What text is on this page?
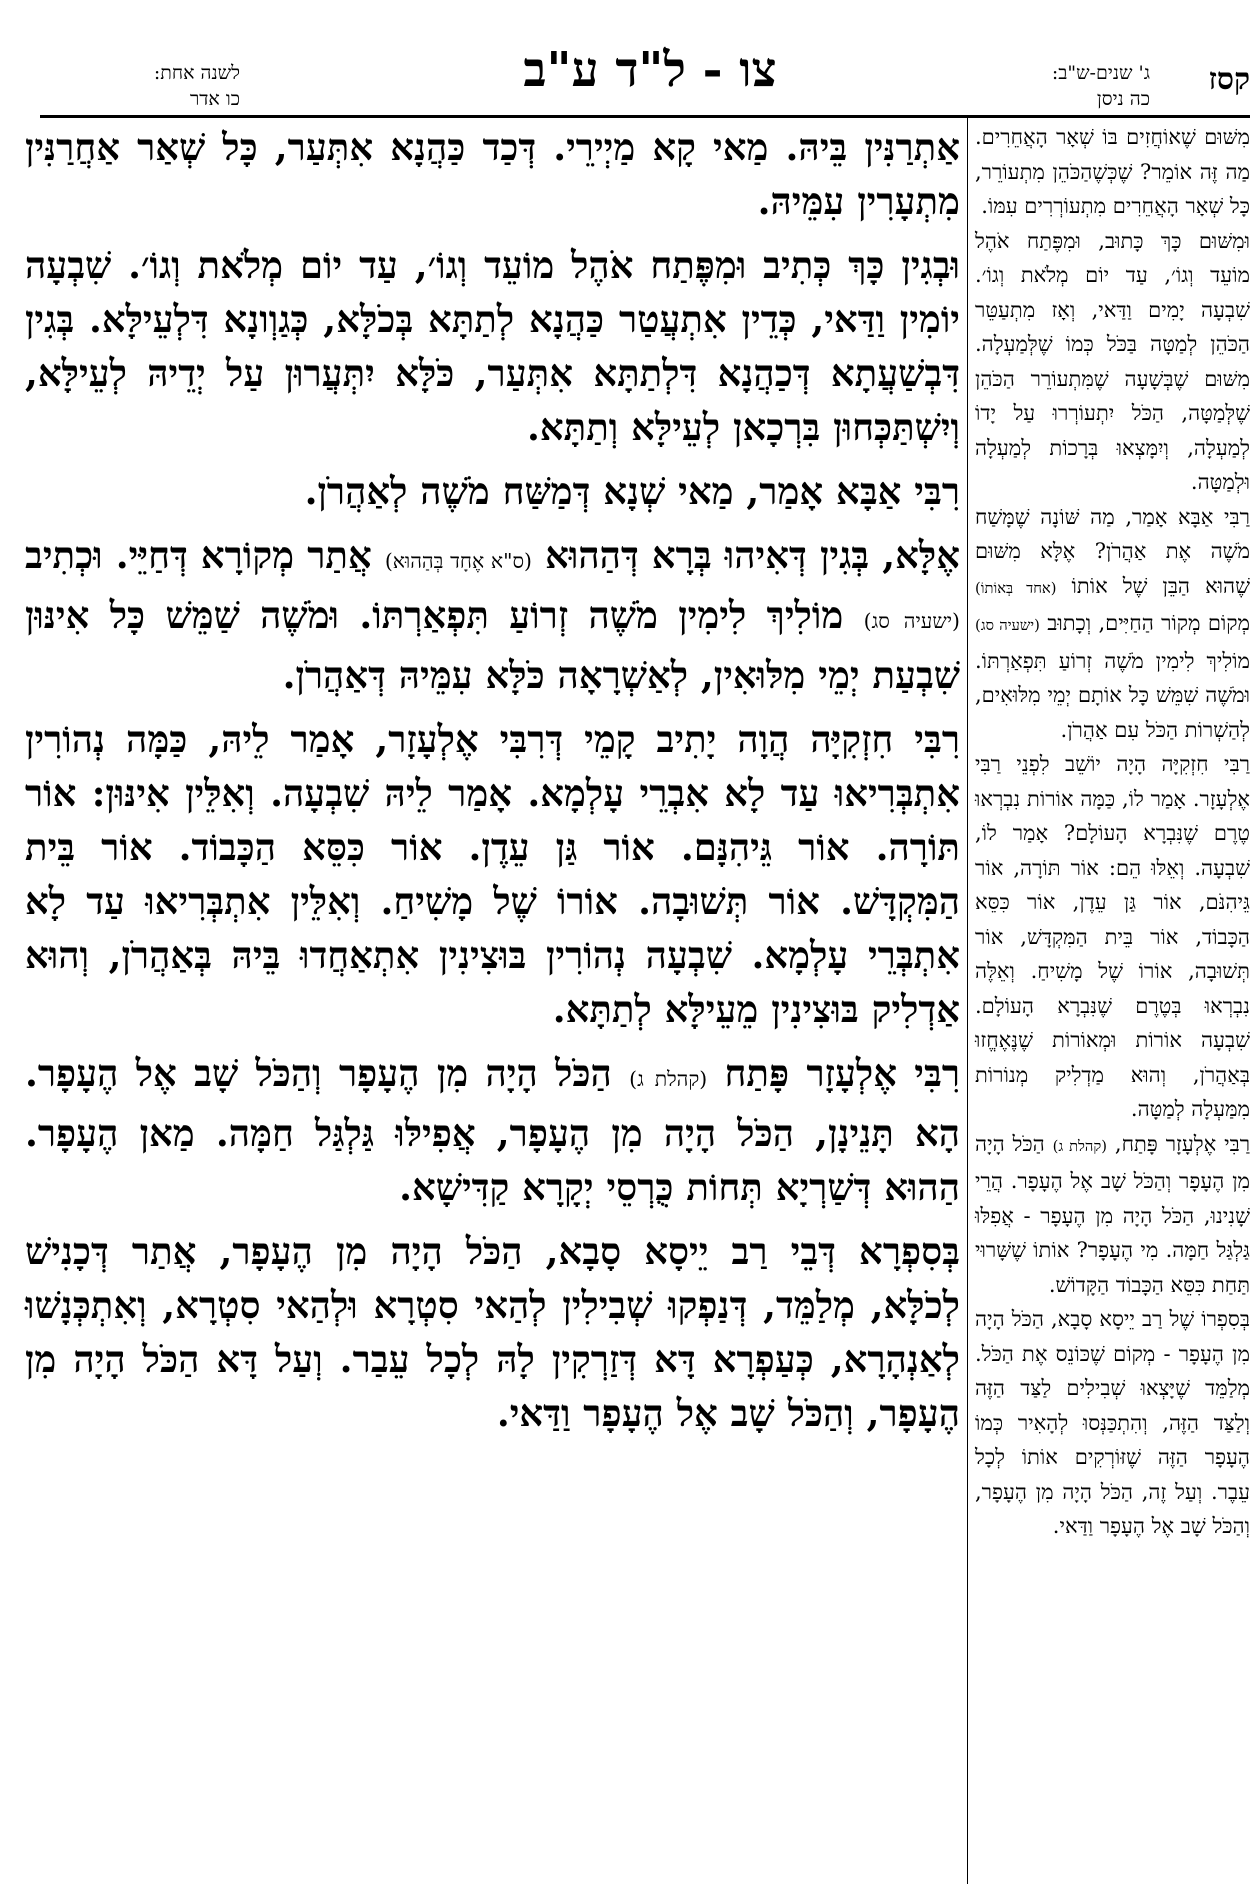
לשנה אחת:
כו אדר
צו - ל"ד ע"ב	ג' שנים-ש"ב:
כה ניסן
קסז

אַתְרַנִּין בֵּיהּ. מַאי קָא מַיְירֵי. דְּכַד כַּהֲנָא אִתְּעַר, כָּל שְׁאַר אַחֲרַנִּין מִתְעָרִין עִמֵּיהּ.

וּבְגִין כָּךְ כְּתִיב וּמִפֶּתַח אֹהֶל מוֹעֵד וְגוֹ׳, עַד יוֹם מְלֹאת וְגוֹ׳. שִׁבְעָה יוֹמִין וַדַּאי, כְּדֵין אִתְעֲטַר כַּהֲנָא לְתַתָּא בְּכֹלָּא, כְּגַוְונָא דִּלְעֵילָּא. בְּגִין דִּבְשַׁעֲתָא דְּכַהֲנָא דִּלְתַתָּא אִתְּעַר, כֹּלָּא יִתְּעֲרוּן עַל יְדֵיהּ לְעֵילָּא, וְיִשְׁתַּכְּחוּן בִּרְכָאן לְעֵילָּא וְתַתָּא.

רִבִּי אַבָּא אָמַר, מַאי שְׁנָא דְּמַשַּׁח מֹשֶׁה לְאַהֲרֹן.

אֶלָּא, בְּגִין דְּאִיהוּ בְּרָא דְּהַהוּא (ס"א אֶחָד בְּהַהוּא) אֲתַר מְקוֹרָא דְּחַיֵּי. וּכְתִיב (ישעיה סג) מוֹלִיךְ לִימִין מֹשֶׁה זְרוֹעַ תִּפְאַרְתּוֹ. וּמֹשֶׁה שַׁמֵּשׁ כָּל אִינּוּן שִׁבְעַת יְמֵי מִלּוּאִין, לְאַשְׁרָאָה כֹּלָּא עִמֵּיהּ דְּאַהֲרֹן.

רִבִּי חִזְקִיָּה הֲוָה יָתִיב קָמֵי דְּרִבִּי אֶלְעָזָר, אָמַר לֵיהּ, כַּמָּה נְהוֹרִין אִתְבְּרִיאוּ עַד לָא אִבְרֵי עָלְמָא. אָמַר לֵיהּ שִׁבְעָה. וְאִלֵּין אִינּוּן: אוֹר תּוֹרָה. אוֹר גֵּיהִנָּם. אוֹר גַּן עֵדֶן. אוֹר כִּסֵּא הַכָּבוֹד. אוֹר בֵּית הַמִּקְדָּשׁ. אוֹר תְּשׁוּבָה. אוֹרוֹ שֶׁל מָשִׁיחַ. וְאִלֵּין אִתְבְּרִיאוּ עַד לָא אִתְבְּרֵי עָלְמָא. שִׁבְעָה נְהוֹרִין בּוּצִינִין אִתְאַחֲדוּ בֵּיהּ בְּאַהֲרֹן, וְהוּא אַדְלִיק בּוּצִינִין מֵעֵילָּא לְתַתָּא.

רִבִּי אֶלְעָזָר פָּתַח (קהלת ג) הַכֹּל הָיָה מִן הֶעָפָר וְהַכֹּל שָׁב אֶל הֶעָפָר. הָא תָּנֵינָן, הַכֹּל הָיָה מִן הֶעָפָר, אֲפִילּוּ גַּלְגַּל חַמָּה. מַאן הֶעָפָר. הַהוּא דְּשַׁרְיָא תְּחוֹת כֻּרְסֵי יְקָרָא קַדִּישָׁא.

בְּסִפְרָא דְּבֵי רַב יֵיסָא סָבָא, הַכֹּל הָיָה מִן הֶעָפָר, אֲתַר דְּכָנִישׁ לְכֹלָּא, מְלַמֵּד, דְּנַפְקוּ שְׁבִילִין לְהַאי סִטְרָא וּלְהַאי סִטְרָא, וְאִתְכְּנָשׁוּ לְאַנְהָרָא, כְּעַפְרָא דָּא דְּזַרְקִין לָהּ לְכָל עֵבַר. וְעַל דָּא הַכֹּל הָיָה מִן הֶעָפָר, וְהַכֹּל שָׁב אֶל הֶעָפָר וַדַּאי.

מִשּׁוּם שֶׁאוֹחֲזִים בּוֹ שְׁאָר הָאֲחֵרִים. מַה זֶּה אוֹמֵר? שֶׁכְּשֶׁהַכֹּהֵן מִתְעוֹרֵר, כָּל שְׁאָר הָאֲחֵרִים מִתְעוֹרְרִים עִמּוֹ.

וּמִשּׁוּם כָּךְ כָּתוּב, וּמִפֶּתַח אֹהֶל מוֹעֵד וְגוֹ׳, עַד יוֹם מְלֹאת וְגוֹ׳. שִׁבְעָה יָמִים וַדַּאי, וְאָז מִתְעַטֵּר הַכֹּהֵן לְמַטָּה בַּכֹּל כְּמוֹ שֶׁלְּמַעְלָה. מִשּׁוּם שֶׁבְּשָׁעָה שֶׁמִּתְעוֹרֵר הַכֹּהֵן שֶׁלְּמַטָּה, הַכֹּל יִתְעוֹרְרוּ עַל יָדוֹ לְמַעְלָה, וְיִמָּצְאוּ בְּרָכוֹת לְמַעְלָה וּלְמַטָּה.

רַבִּי אַבָּא אָמַר, מַה שּׁוֹנָה שֶׁמָּשַׁח מֹשֶׁה אֶת אַהֲרֹן? אֶלָּא מִשּׁוּם שֶׁהוּא הַבֵּן שֶׁל אוֹתוֹ (אחד בְּאוֹתוֹ) מְקוֹם מְקוֹר הַחַיִּים, וְכָתוּב (ישעיה סג) מוֹלִיךְ לִימִין מֹשֶׁה זְרוֹעַ תִּפְאַרְתּוֹ. וּמֹשֶׁה שִׁמֵּשׁ כָּל אוֹתָם יְמֵי מִלּוּאִים, לְהַשְׁרוֹת הַכֹּל עִם אַהֲרֹן.

רַבִּי חִזְקִיָּה הָיָה יוֹשֵׁב לִפְנֵי רַבִּי אֶלְעָזָר. אָמַר לוֹ, כַּמָּה אוֹרוֹת נִבְרְאוּ טֶרֶם שֶׁנִּבְרָא הָעוֹלָם? אָמַר לוֹ, שִׁבְעָה. וְאֵלּוּ הֵם: אוֹר תּוֹרָה, אוֹר גֵּיהִנֹּם, אוֹר גַּן עֵדֶן, אוֹר כִּסֵּא הַכָּבוֹד, אוֹר בֵּית הַמִּקְדָּשׁ, אוֹר תְּשׁוּבָה, אוֹרוֹ שֶׁל מָשִׁיחַ. וְאֵלֶּה נִבְרְאוּ בְּטֶרֶם שֶׁנִּבְרָא הָעוֹלָם. שִׁבְעָה אוֹרוֹת וּמְאוֹרוֹת שֶׁנֶּאֶחֱזוּ בְּאַהֲרֹן, וְהוּא מַדְלִיק מְנוֹרוֹת מִמַּעְלָה לְמַטָּה.

רַבִּי אֶלְעָזָר פָּתַח, (קהלת ג) הַכֹּל הָיָה מִן הֶעָפָר וְהַכֹּל שָׁב אֶל הֶעָפָר. הֲרֵי שָׁנִינוּ, הַכֹּל הָיָה מִן הֶעָפָר - אֲפִלּוּ גַּלְגַּל חַמָּה. מִי הֶעָפָר? אוֹתוֹ שֶׁשָּׁרוּי תַּחַת כִּסֵּא הַכָּבוֹד הַקָּדוֹשׁ.

בְּסִפְרוֹ שֶׁל רַב יֵיסָא סָבָא, הַכֹּל הָיָה מִן הֶעָפָר - מְקוֹם שֶׁכּוֹנֵס אֶת הַכֹּל. מְלַמֵּד שֶׁיָּצְאוּ שְׁבִילִים לַצַּד הַזֶּה וְלַצַּד הַזֶּה, וְהִתְכַּנְּסוּ לְהָאִיר כְּמוֹ הֶעָפָר הַזֶּה שֶׁזּוֹרְקִים אוֹתוֹ לְכָל עֵבֶר. וְעַל זֶה, הַכֹּל הָיָה מִן הֶעָפָר, וְהַכֹּל שָׁב אֶל הֶעָפָר וַדַּאי.
